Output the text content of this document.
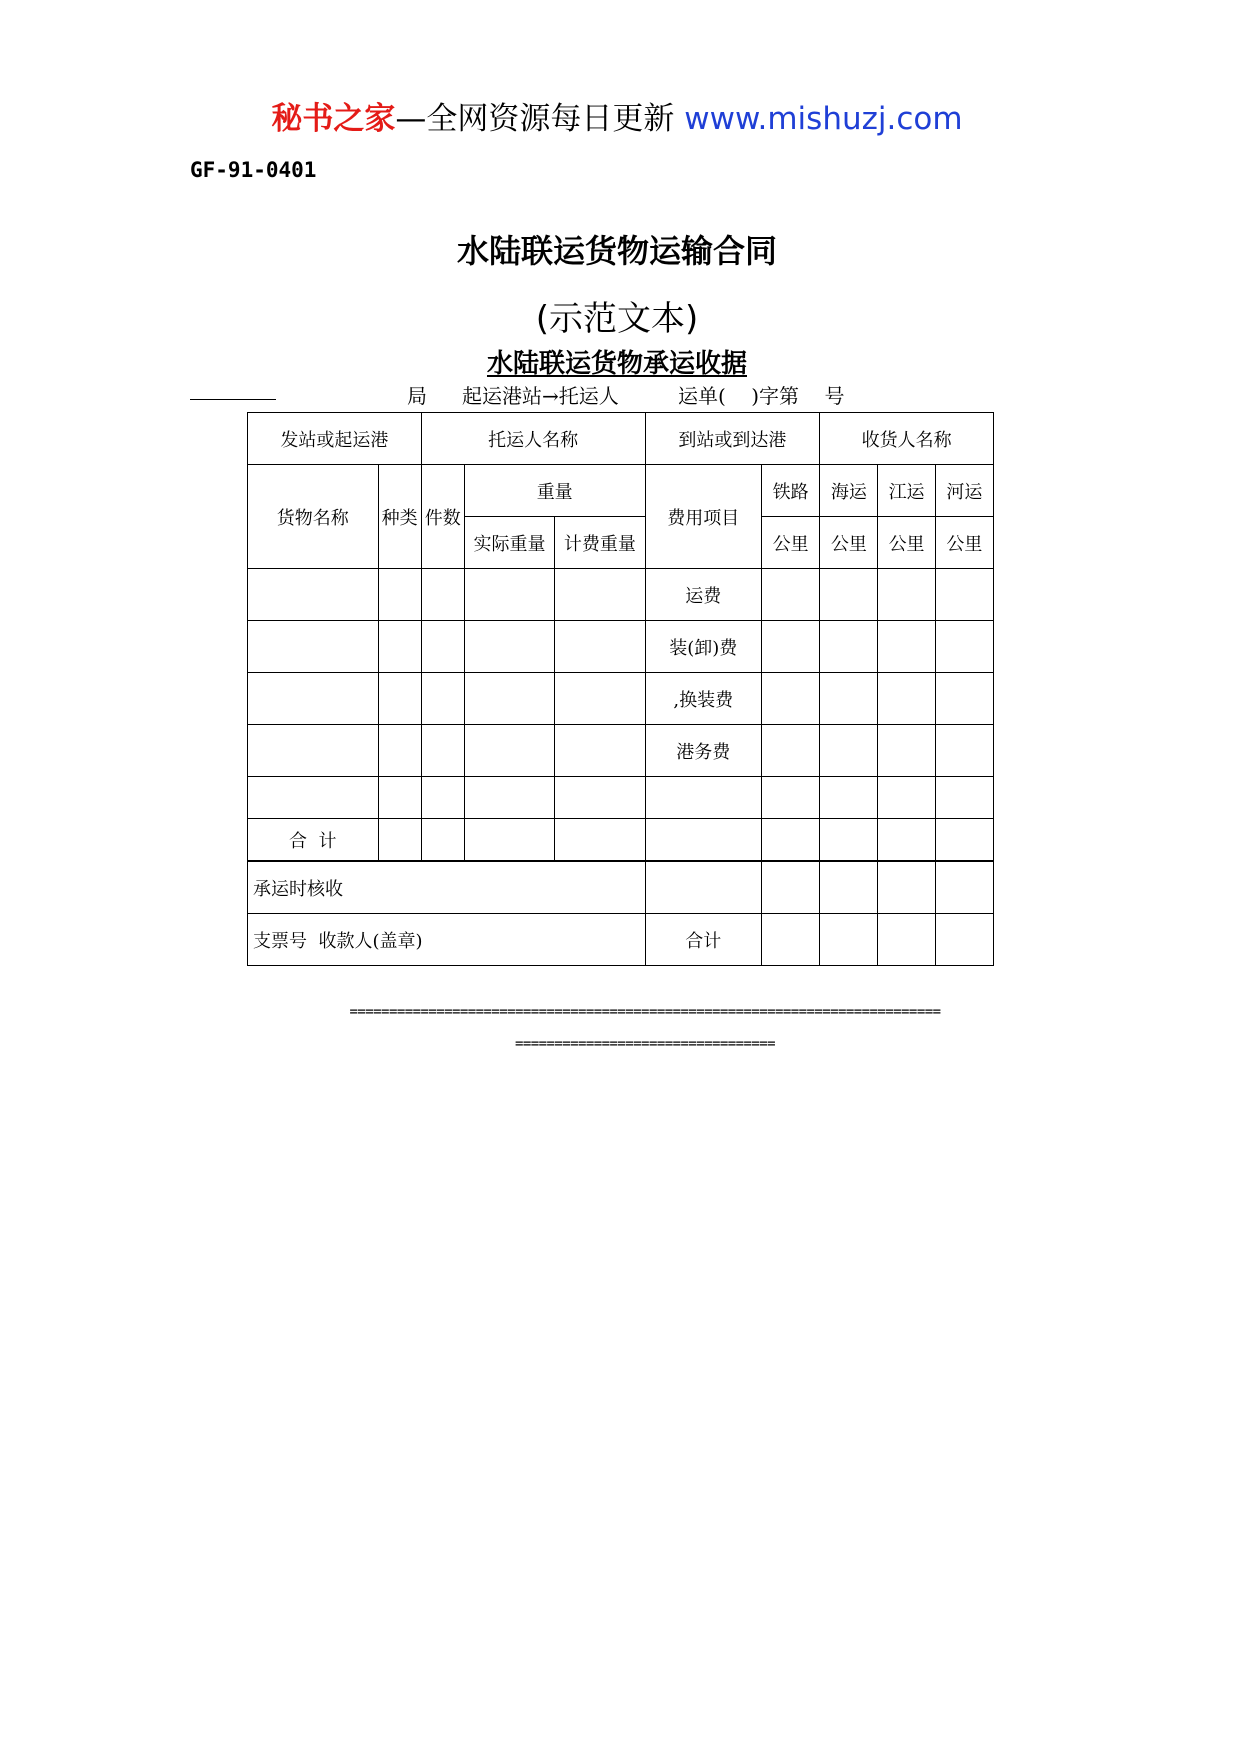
秘书之家—全网资源每日更新 www.mishuzj.com
GF-91-0401
水陆联运货物运输合同
(示范文本)
水陆联运货物承运收据
局 起运港站→托运人	运单(    )字第    号
发站或起运港		托运人名称			到站或到达港		收货人名称		
货物名称	种类	件数	重量		费用项目	铁路	海运	江运	河运
			实际重量	计费重量		公里	公里	公里	公里
					运费				
					装(卸)费				
					,换装费				
					港务费				

合  计									
承运时核收									
支票号  收款人(盖章)					合计				
===========================================================================
=================================
